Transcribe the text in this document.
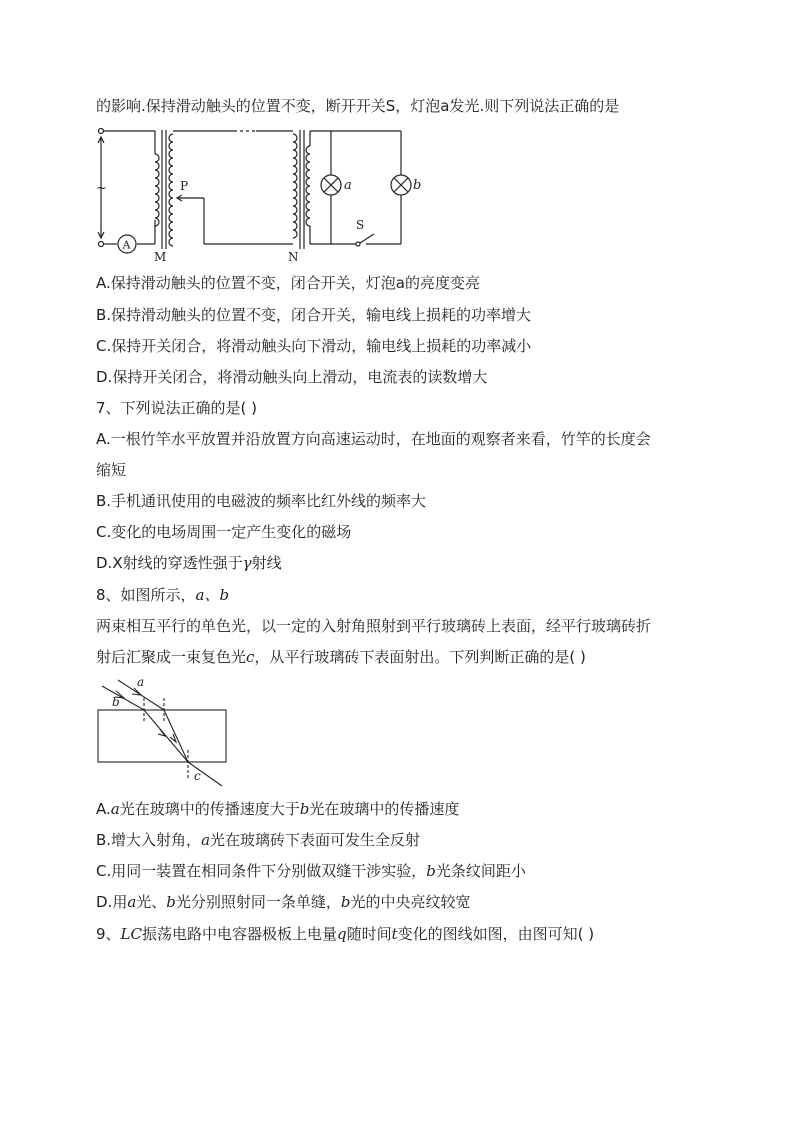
的影响.保持滑动触头的位置不变，断开开关S，灯泡a发光.则下列说法正确的是
~
A
P
M	N
a	b
S
A.保持滑动触头的位置不变，闭合开关，灯泡a的亮度变亮
B.保持滑动触头的位置不变，闭合开关，输电线上损耗的功率增大
C.保持开关闭合，将滑动触头向下滑动，输电线上损耗的功率减小
D.保持开关闭合，将滑动触头向上滑动，电流表的读数增大
7、下列说法正确的是( )
A.一根竹竿水平放置并沿放置方向高速运动时，在地面的观察者来看，竹竿的长度会
缩短
B.手机通讯使用的电磁波的频率比红外线的频率大
C.变化的电场周围一定产生变化的磁场
D.X射线的穿透性强于γ射线
8、如图所示，a、b
两束相互平行的单色光，以一定的入射角照射到平行玻璃砖上表面，经平行玻璃砖折
射后汇聚成一束复色光c，从平行玻璃砖下表面射出。下列判断正确的是( )
a
b
c
A.a光在玻璃中的传播速度大于b光在玻璃中的传播速度
B.增大入射角，a光在玻璃砖下表面可发生全反射
C.用同一装置在相同条件下分别做双缝干涉实验，b光条纹间距小
D.用a光、b光分别照射同一条单缝，b光的中央亮纹较宽
9、LC振荡电路中电容器极板上电量q随时间t变化的图线如图，由图可知( )
